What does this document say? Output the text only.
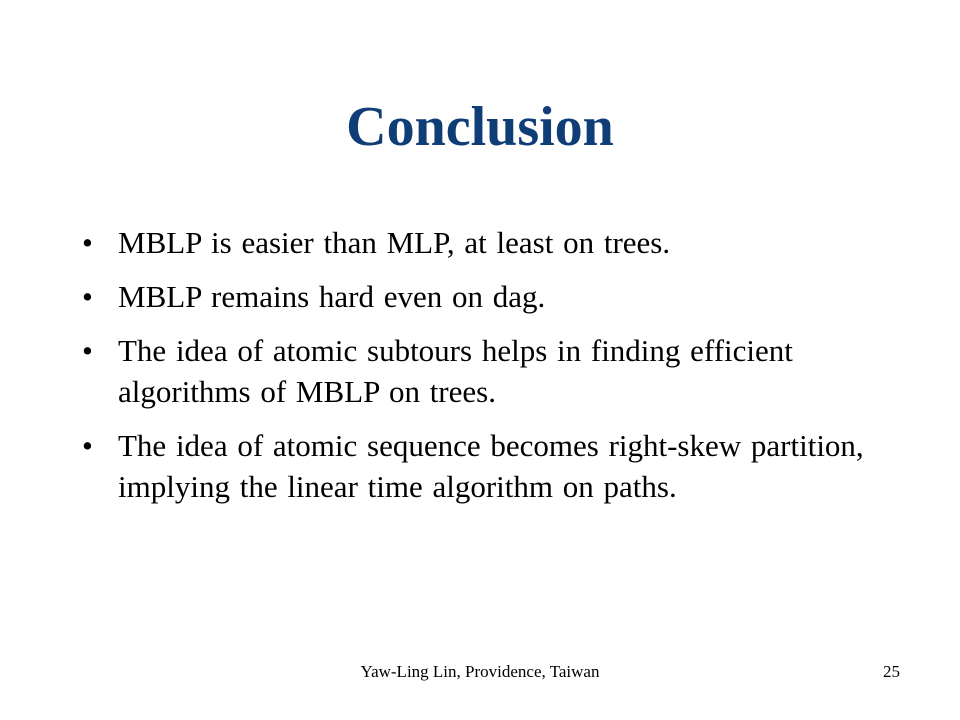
Conclusion
• MBLP is easier than MLP, at least on trees.
• MBLP remains hard even on dag.
• The idea of atomic subtours helps in finding efficient algorithms of MBLP on trees.
• The idea of atomic sequence becomes right-skew partition, implying the linear time algorithm on paths.
Yaw-Ling Lin, Providence, Taiwan	25
